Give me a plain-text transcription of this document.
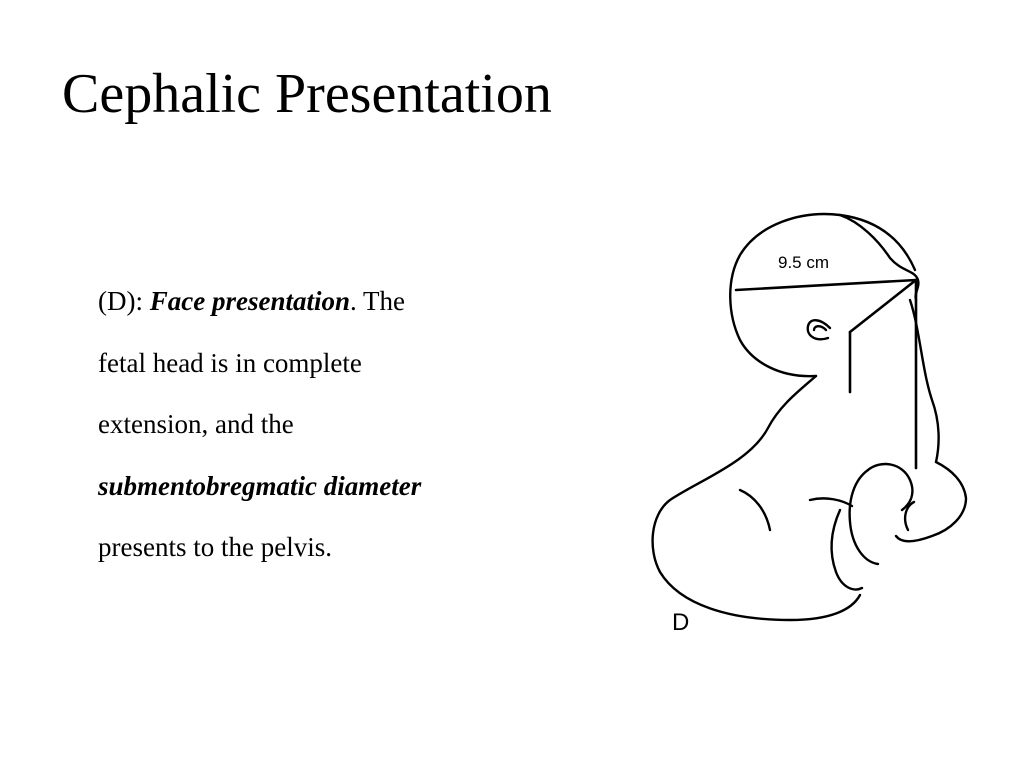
Cephalic Presentation
(D): Face presentation. The
fetal head is in complete
extension, and the
submentobregmatic diameter
presents to the pelvis.
9.5 cm
D
